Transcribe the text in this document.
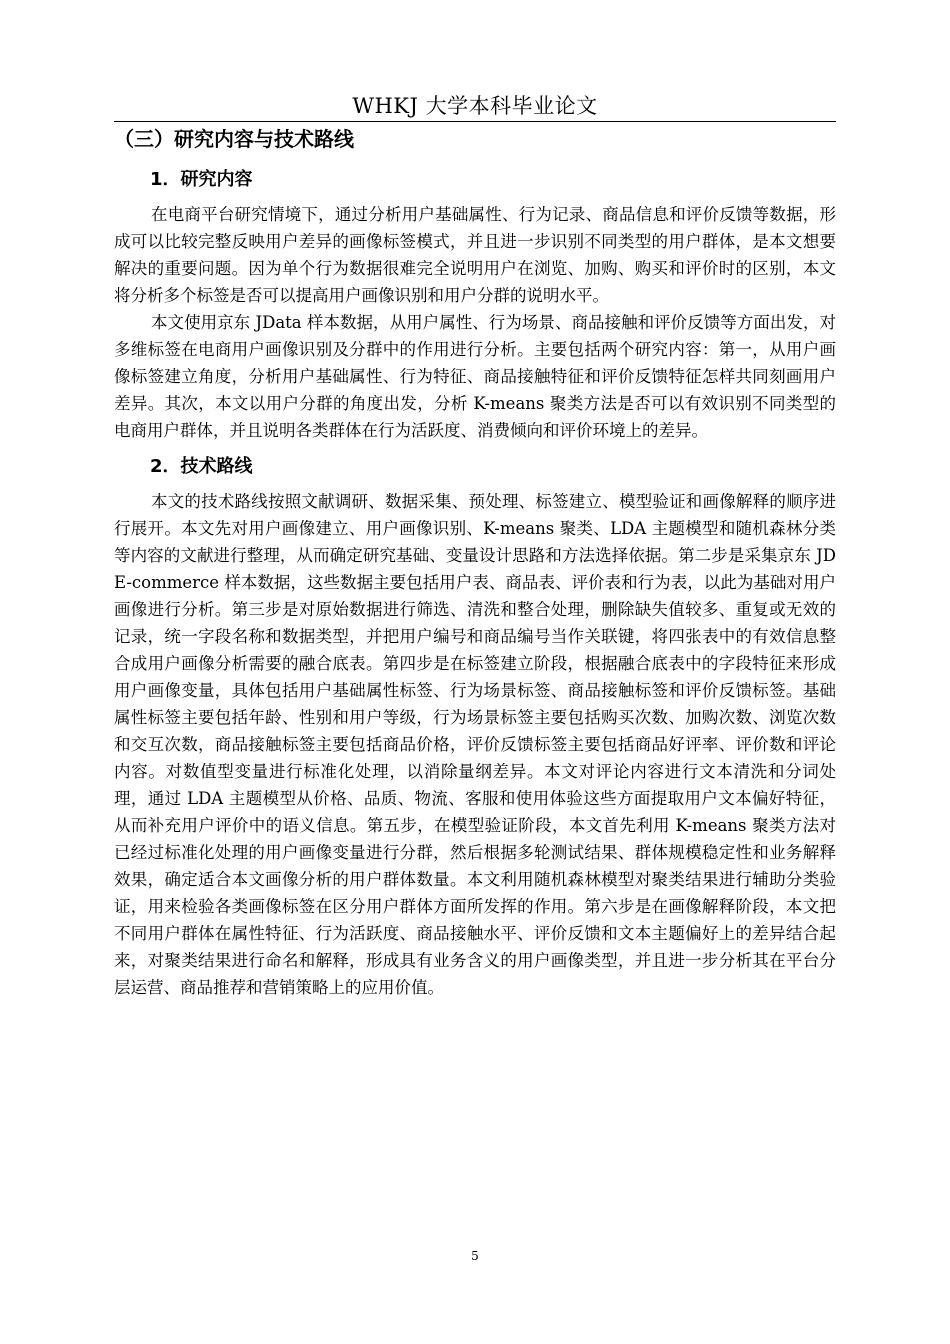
WHKJ 大学本科毕业论文
（三）研究内容与技术路线
1．研究内容

在电商平台研究情境下，通过分析用户基础属性、行为记录、商品信息和评价反馈等数据，形成可以比较完整反映用户差异的画像标签模式，并且进一步识别不同类型的用户群体，是本文想要解决的重要问题。因为单个行为数据很难完全说明用户在浏览、加购、购买和评价时的区别，本文将分析多个标签是否可以提高用户画像识别和用户分群的说明水平。

本文使用京东 JData 样本数据，从用户属性、行为场景、商品接触和评价反馈等方面出发，对多维标签在电商用户画像识别及分群中的作用进行分析。主要包括两个研究内容：第一，从用户画像标签建立角度，分析用户基础属性、行为特征、商品接触特征和评价反馈特征怎样共同刻画用户差异。其次，本文以用户分群的角度出发，分析 K-means 聚类方法是否可以有效识别不同类型的电商用户群体，并且说明各类群体在行为活跃度、消费倾向和评价环境上的差异。

2．技术路线

本文的技术路线按照文献调研、数据采集、预处理、标签建立、模型验证和画像解释的顺序进行展开。本文先对用户画像建立、用户画像识别、K-means 聚类、LDA 主题模型和随机森林分类等内容的文献进行整理，从而确定研究基础、变量设计思路和方法选择依据。第二步是采集京东 JD E-commerce 样本数据，这些数据主要包括用户表、商品表、评价表和行为表，以此为基础对用户画像进行分析。第三步是对原始数据进行筛选、清洗和整合处理，删除缺失值较多、重复或无效的记录，统一字段名称和数据类型，并把用户编号和商品编号当作关联键，将四张表中的有效信息整合成用户画像分析需要的融合底表。第四步是在标签建立阶段，根据融合底表中的字段特征来形成用户画像变量，具体包括用户基础属性标签、行为场景标签、商品接触标签和评价反馈标签。基础属性标签主要包括年龄、性别和用户等级，行为场景标签主要包括购买次数、加购次数、浏览次数和交互次数，商品接触标签主要包括商品价格，评价反馈标签主要包括商品好评率、评价数和评论内容。对数值型变量进行标准化处理，以消除量纲差异。本文对评论内容进行文本清洗和分词处理，通过 LDA 主题模型从价格、品质、物流、客服和使用体验这些方面提取用户文本偏好特征，从而补充用户评价中的语义信息。第五步，在模型验证阶段，本文首先利用 K-means 聚类方法对已经过标准化处理的用户画像变量进行分群，然后根据多轮测试结果、群体规模稳定性和业务解释效果，确定适合本文画像分析的用户群体数量。本文利用随机森林模型对聚类结果进行辅助分类验证，用来检验各类画像标签在区分用户群体方面所发挥的作用。第六步是在画像解释阶段，本文把不同用户群体在属性特征、行为活跃度、商品接触水平、评价反馈和文本主题偏好上的差异结合起来，对聚类结果进行命名和解释，形成具有业务含义的用户画像类型，并且进一步分析其在平台分层运营、商品推荐和营销策略上的应用价值。

5
